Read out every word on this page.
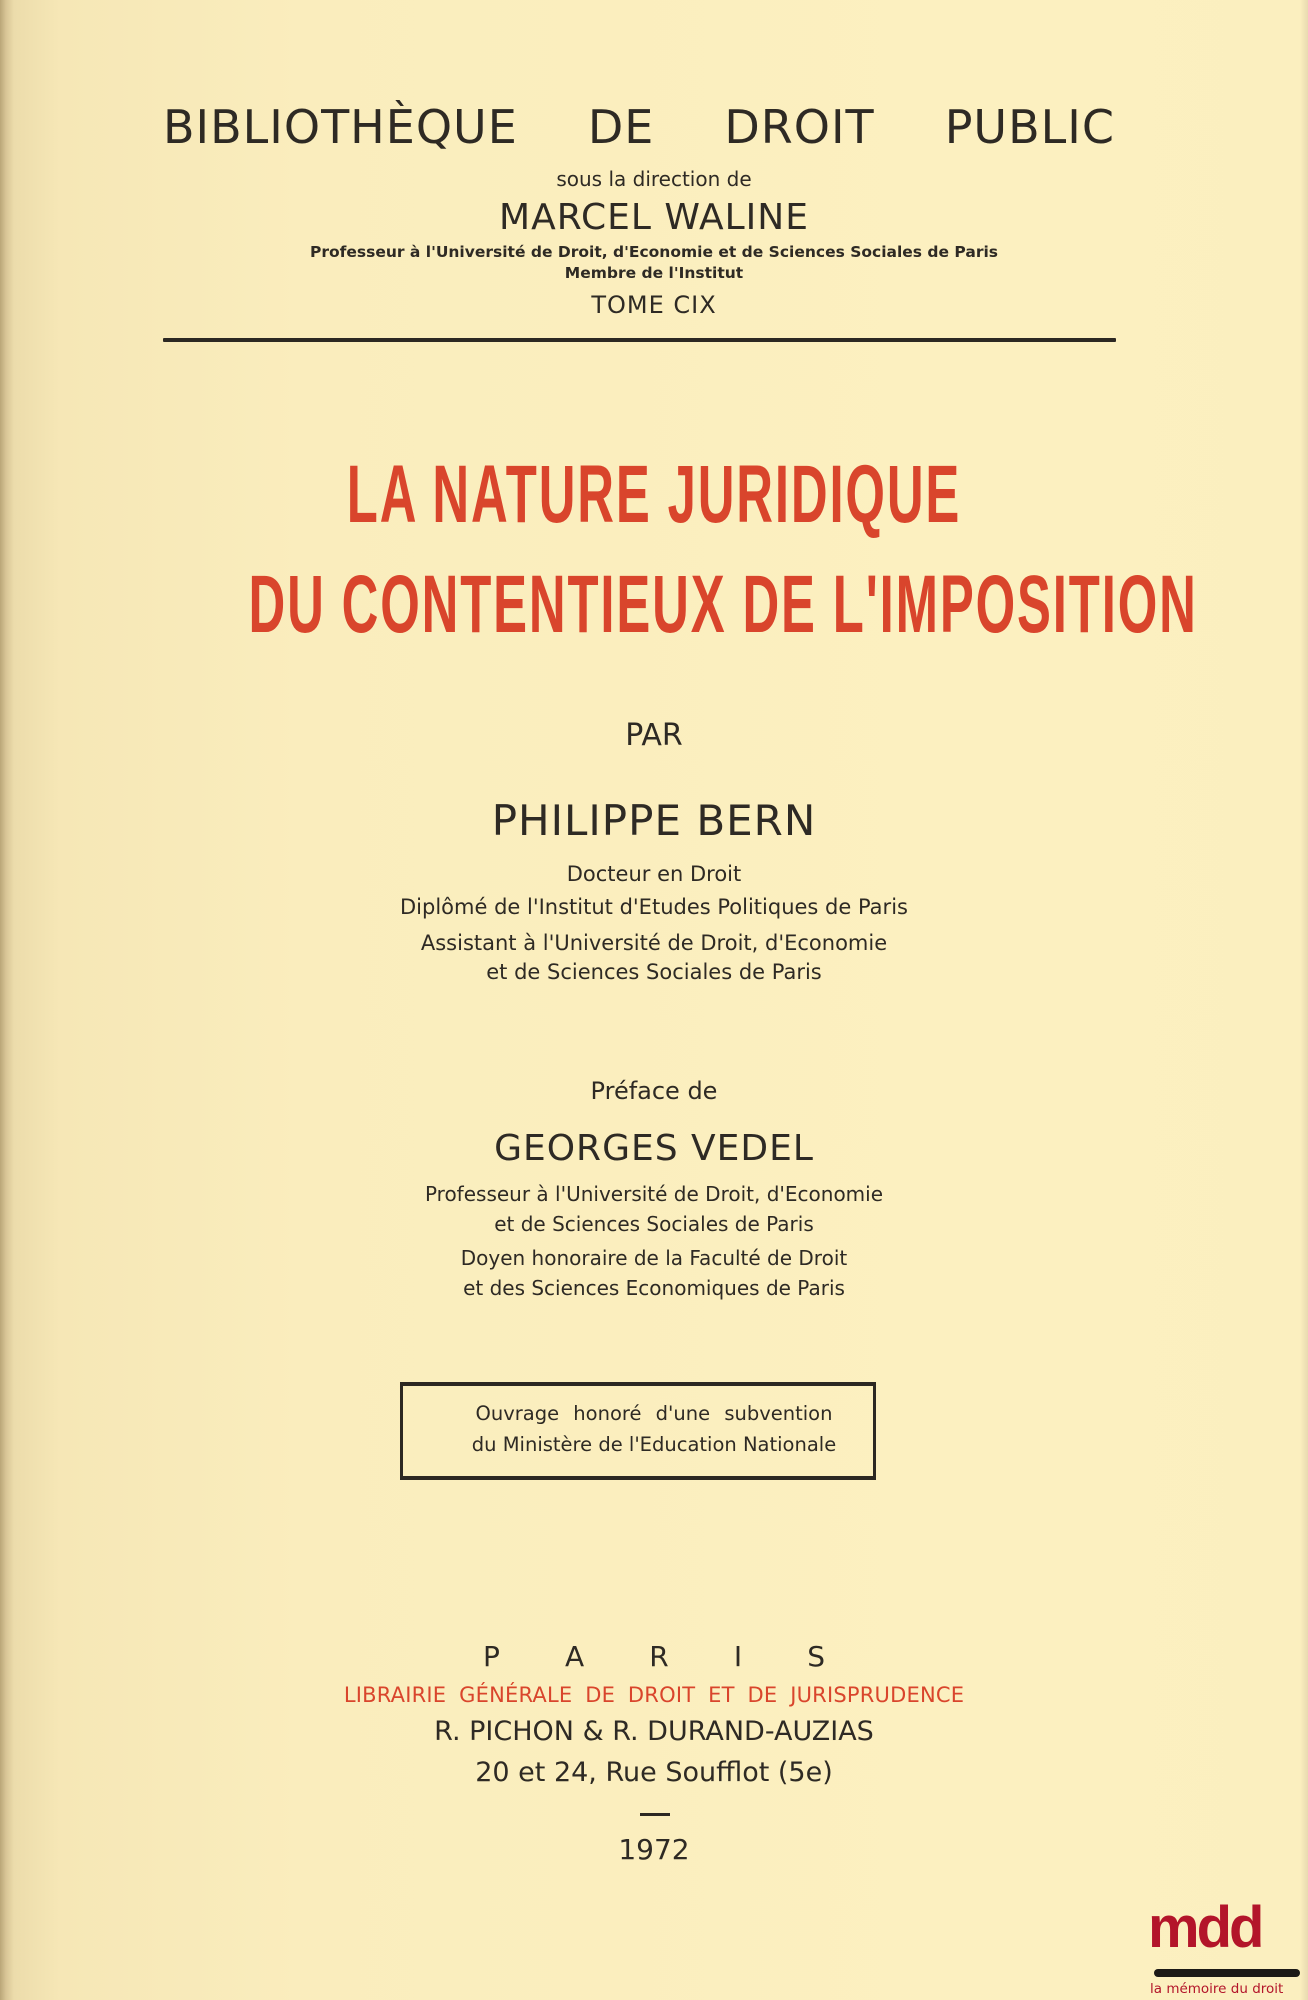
BIBLIOTHÈQUE DE DROIT PUBLIC
sous la direction de
MARCEL WALINE
Professeur à l'Université de Droit, d'Economie et de Sciences Sociales de Paris
Membre de l'Institut
TOME CIX
LA NATURE JURIDIQUE
DU CONTENTIEUX DE L'IMPOSITION
PAR
PHILIPPE BERN
Docteur en Droit
Diplômé de l'Institut d'Etudes Politiques de Paris
Assistant à l'Université de Droit, d'Economie
et de Sciences Sociales de Paris
Préface de
GEORGES VEDEL
Professeur à l'Université de Droit, d'Economie
et de Sciences Sociales de Paris
Doyen honoraire de la Faculté de Droit
et des Sciences Economiques de Paris
Ouvrage honoré d'une subvention
du Ministère de l'Education Nationale
P A R I S
LIBRAIRIE GÉNÉRALE DE DROIT ET DE JURISPRUDENCE
R. PICHON & R. DURAND-AUZIAS
20 et 24, Rue Soufflot (5e)
1972
mdd
la mémoire du droit
